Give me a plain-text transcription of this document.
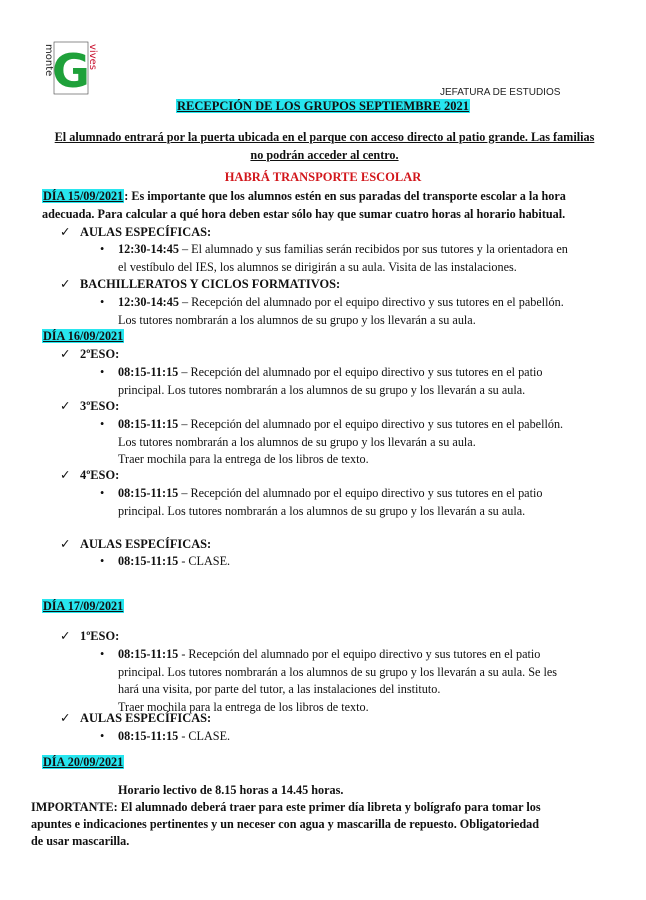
monte
G
vives
JEFATURA DE ESTUDIOS
RECEPCIÓN DE LOS GRUPOS SEPTIEMBRE 2021
El alumnado entrará por la puerta ubicada en el parque con acceso directo al patio grande. Las familias no podrán acceder al centro.
HABRÁ TRANSPORTE ESCOLAR
DÍA 15/09/2021: Es importante que los alumnos estén en sus paradas del transporte escolar a la hora
adecuada. Para calcular a qué hora deben estar sólo hay que sumar cuatro horas al horario habitual.
✓ AULAS ESPECÍFICAS:
• 12:30-14:45 – El alumnado y sus familias serán recibidos por sus tutores y la orientadora en
el vestíbulo del IES, los alumnos se dirigirán a su aula. Visita de las instalaciones.
✓ BACHILLERATOS Y CICLOS FORMATIVOS:
• 12:30-14:45 – Recepción del alumnado por el equipo directivo y sus tutores en el pabellón.
Los tutores nombrarán a los alumnos de su grupo y los llevarán a su aula.
DÍA 16/09/2021
✓ 2ºESO:
• 08:15-11:15 – Recepción del alumnado por el equipo directivo y sus tutores en el patio
principal. Los tutores nombrarán a los alumnos de su grupo y los llevarán a su aula.
✓ 3ºESO:
• 08:15-11:15 – Recepción del alumnado por el equipo directivo y sus tutores en el pabellón.
Los tutores nombrarán a los alumnos de su grupo y los llevarán a su aula.
Traer mochila para la entrega de los libros de texto.
✓ 4ºESO:
• 08:15-11:15 – Recepción del alumnado por el equipo directivo y sus tutores en el patio
principal. Los tutores nombrarán a los alumnos de su grupo y los llevarán a su aula.
✓ AULAS ESPECÍFICAS:
• 08:15-11:15 - CLASE.
DÍA 17/09/2021
✓ 1ºESO:
• 08:15-11:15 - Recepción del alumnado por el equipo directivo y sus tutores en el patio
principal. Los tutores nombrarán a los alumnos de su grupo y los llevarán a su aula. Se les
hará una visita, por parte del tutor, a las instalaciones del instituto.
Traer mochila para la entrega de los libros de texto.
✓ AULAS ESPECÍFICAS:
• 08:15-11:15 - CLASE.
DÍA 20/09/2021
Horario lectivo de 8.15 horas a 14.45 horas.
IMPORTANTE: El alumnado deberá traer para este primer día libreta y bolígrafo para tomar los
apuntes e indicaciones pertinentes y un neceser con agua y mascarilla de repuesto. Obligatoriedad
de usar mascarilla.
